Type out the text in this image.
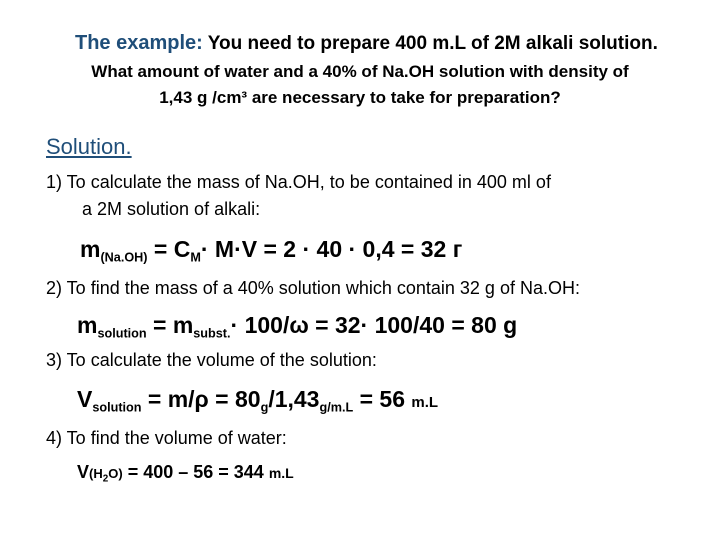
The example: You need to prepare 400 m.L of 2M alkali solution.
What amount of water and a 40% of Na.OH solution with density of
1,43 g /cm³ are necessary to take for preparation?
Solution.
1) To calculate the mass of Na.OH, to be contained in 400 ml of
a 2M solution of alkali:
$m_{(Na.OH)} = C_M\cdot M\cdot V = 2 \cdot 40 \cdot 0,4 = 32$ г
2) To find the mass of a 40% solution which contain 32 g of Na.OH:
$m_{solution} = m_{subst.}\cdot 100/\omega = 32\cdot 100/40 = 80$ g
3) To calculate the volume of the solution:
$V_{solution} = m/\rho = 80_g/1,43_{g/m.L} = 56$ m.L
4) To find the volume of water:
$V(H_2O) = 400 - 56 = 344$ m.L
